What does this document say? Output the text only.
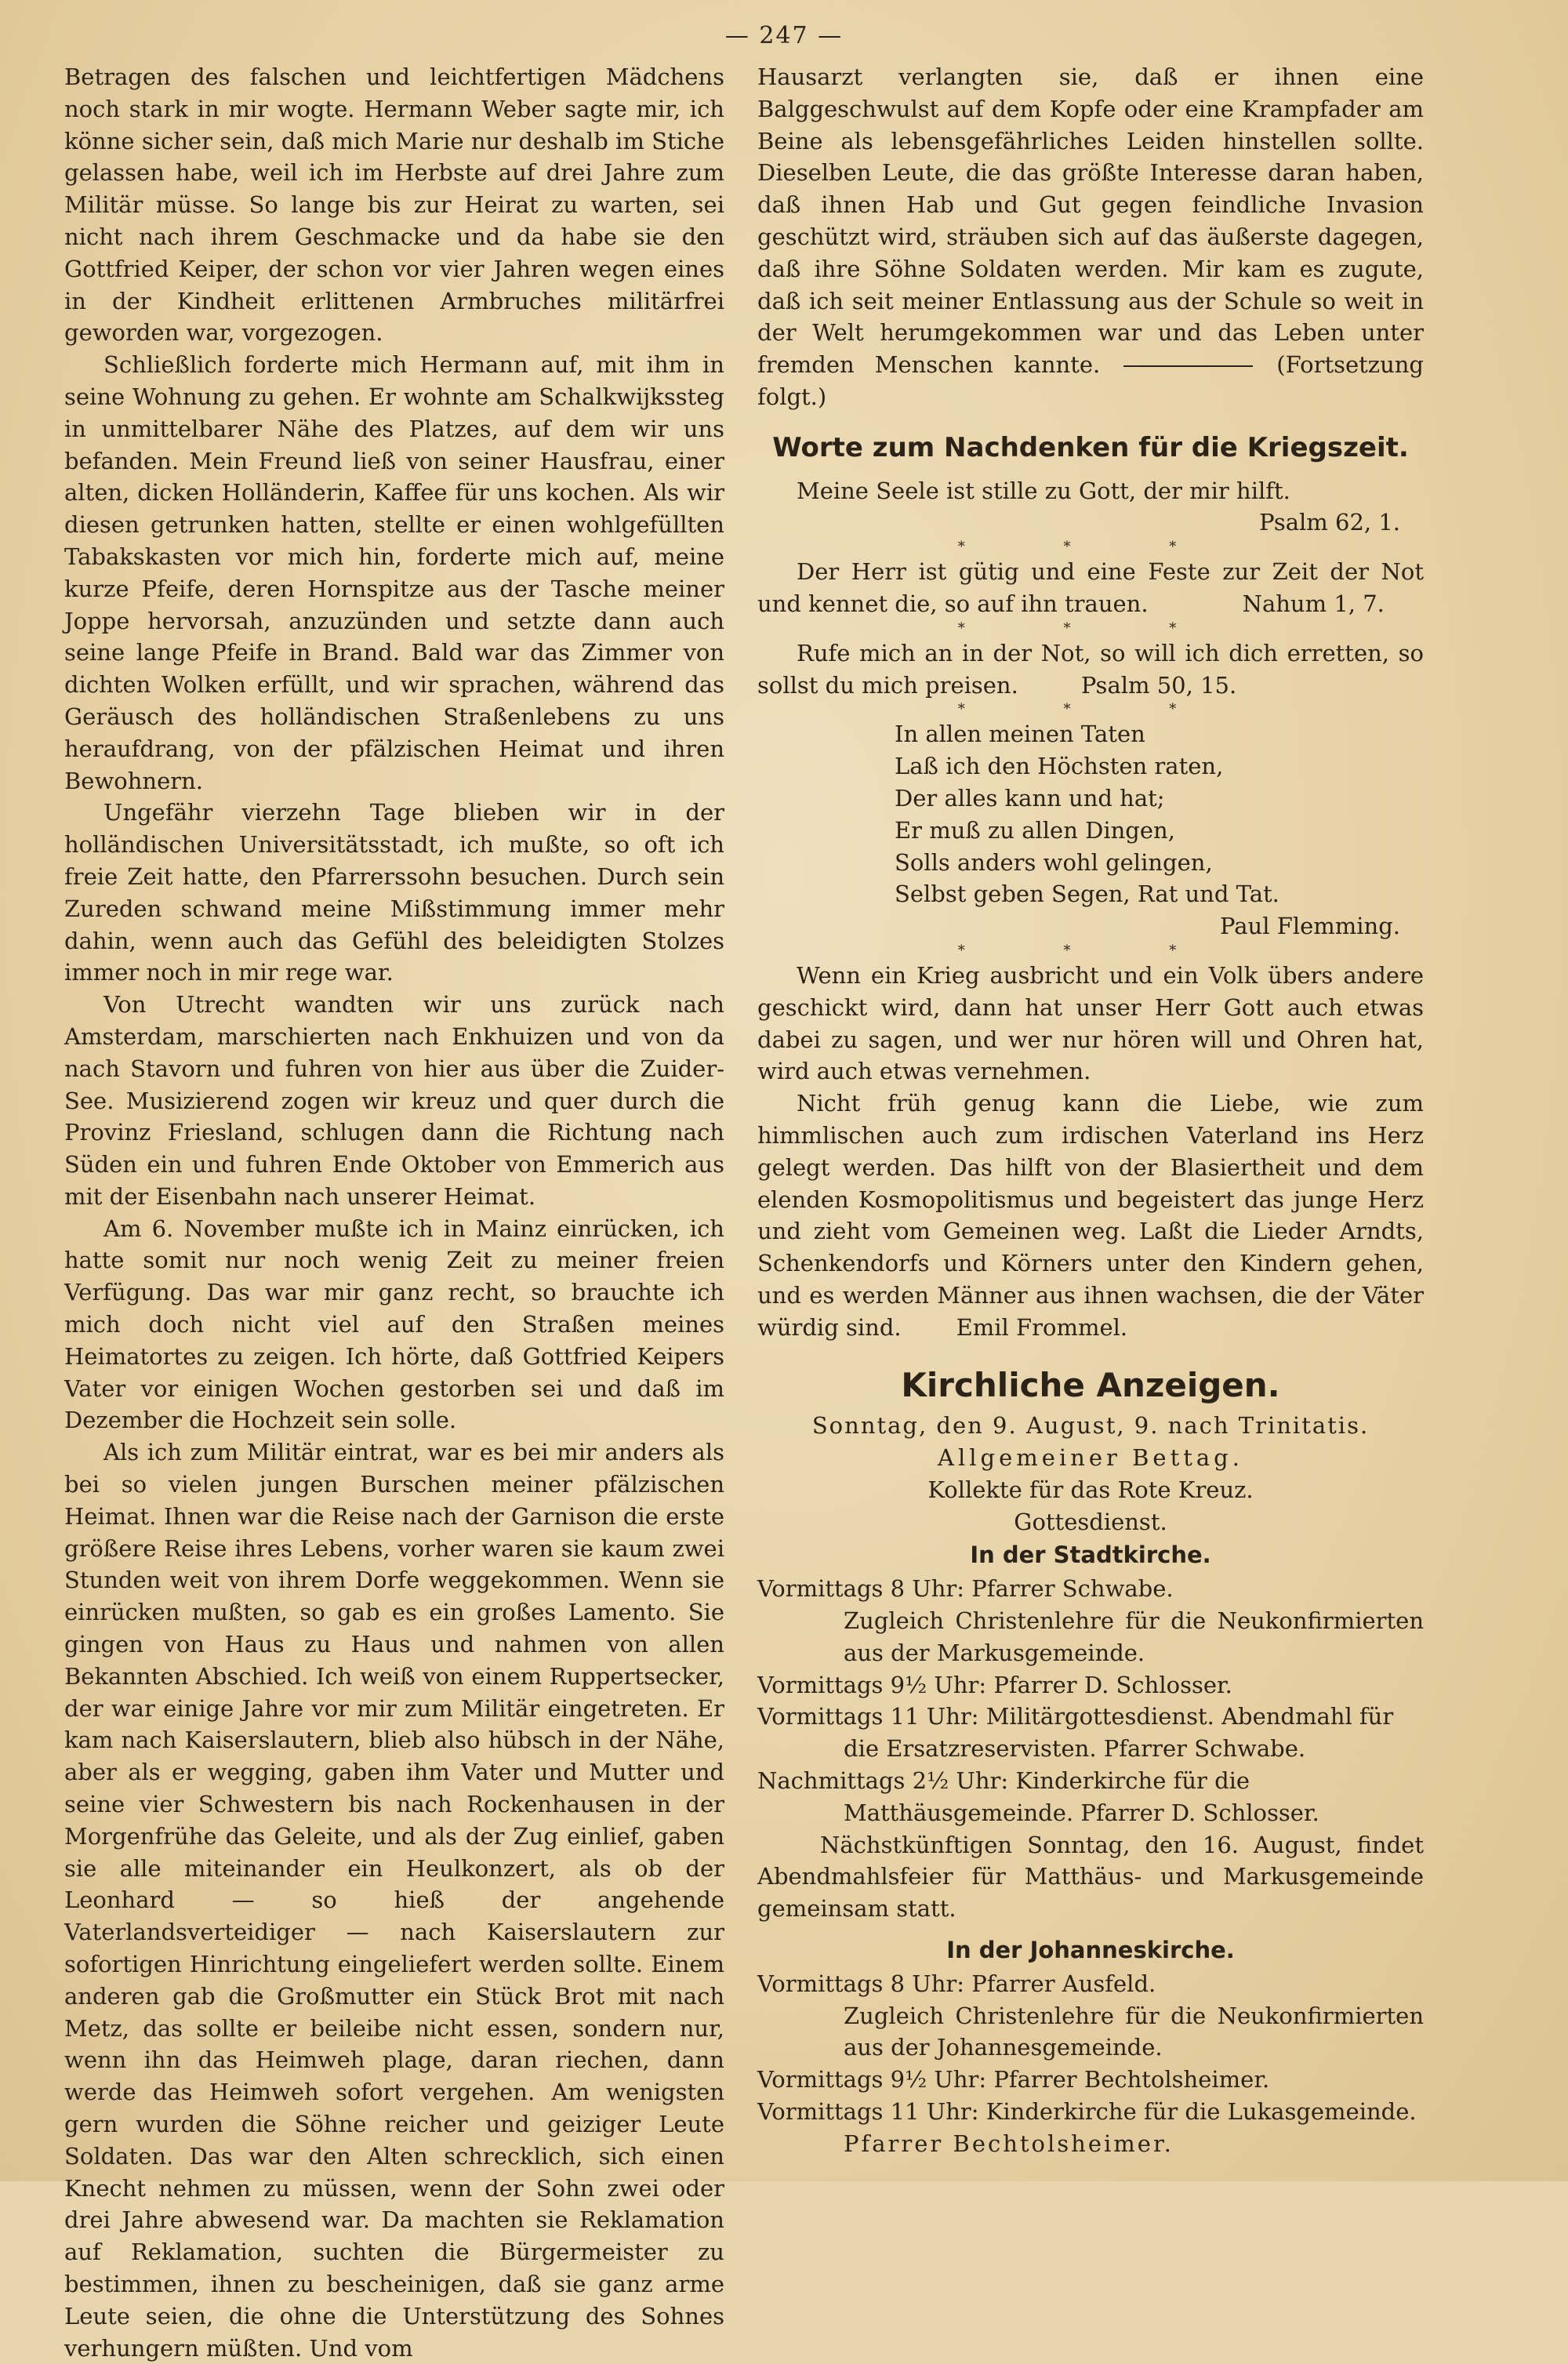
— 247 —

Betragen des falschen und leichtfertigen Mädchens noch stark in mir wogte. Hermann Weber sagte mir, ich könne sicher sein, daß mich Marie nur deshalb im Stiche gelassen habe, weil ich im Herbste auf drei Jahre zum Militär müsse. So lange bis zur Heirat zu warten, sei nicht nach ihrem Geschmacke und da habe sie den Gottfried Keiper, der schon vor vier Jahren wegen eines in der Kindheit erlittenen Armbruches militärfrei geworden war, vorgezogen.

Schließlich forderte mich Hermann auf, mit ihm in seine Wohnung zu gehen. Er wohnte am Schalkwijkssteg in unmittelbarer Nähe des Platzes, auf dem wir uns befanden. Mein Freund ließ von seiner Hausfrau, einer alten, dicken Holländerin, Kaffee für uns kochen. Als wir diesen getrunken hatten, stellte er einen wohlgefüllten Tabakskasten vor mich hin, forderte mich auf, meine kurze Pfeife, deren Hornspitze aus der Tasche meiner Joppe hervorsah, anzuzünden und setzte dann auch seine lange Pfeife in Brand. Bald war das Zimmer von dichten Wolken erfüllt, und wir sprachen, während das Geräusch des holländischen Straßenlebens zu uns heraufdrang, von der pfälzischen Heimat und ihren Bewohnern.

Ungefähr vierzehn Tage blieben wir in der holländischen Universitätsstadt, ich mußte, so oft ich freie Zeit hatte, den Pfarrerssohn besuchen. Durch sein Zureden schwand meine Mißstimmung immer mehr dahin, wenn auch das Gefühl des beleidigten Stolzes immer noch in mir rege war.

Von Utrecht wandten wir uns zurück nach Amsterdam, marschierten nach Enkhuizen und von da nach Stavorn und fuhren von hier aus über die Zuider-See. Musizierend zogen wir kreuz und quer durch die Provinz Friesland, schlugen dann die Richtung nach Süden ein und fuhren Ende Oktober von Emmerich aus mit der Eisenbahn nach unserer Heimat.

Am 6. November mußte ich in Mainz einrücken, ich hatte somit nur noch wenig Zeit zu meiner freien Verfügung. Das war mir ganz recht, so brauchte ich mich doch nicht viel auf den Straßen meines Heimatortes zu zeigen. Ich hörte, daß Gottfried Keipers Vater vor einigen Wochen gestorben sei und daß im Dezember die Hochzeit sein solle.

Als ich zum Militär eintrat, war es bei mir anders als bei so vielen jungen Burschen meiner pfälzischen Heimat. Ihnen war die Reise nach der Garnison die erste größere Reise ihres Lebens, vorher waren sie kaum zwei Stunden weit von ihrem Dorfe weggekommen. Wenn sie einrücken mußten, so gab es ein großes Lamento. Sie gingen von Haus zu Haus und nahmen von allen Bekannten Abschied. Ich weiß von einem Ruppertsecker, der war einige Jahre vor mir zum Militär eingetreten. Er kam nach Kaiserslautern, blieb also hübsch in der Nähe, aber als er wegging, gaben ihm Vater und Mutter und seine vier Schwestern bis nach Rockenhausen in der Morgenfrühe das Geleite, und als der Zug einlief, gaben sie alle miteinander ein Heulkonzert, als ob der Leonhard — so hieß der angehende Vaterlandsverteidiger — nach Kaiserslautern zur sofortigen Hinrichtung eingeliefert werden sollte. Einem anderen gab die Großmutter ein Stück Brot mit nach Metz, das sollte er beileibe nicht essen, sondern nur, wenn ihn das Heimweh plage, daran riechen, dann werde das Heimweh sofort vergehen. Am wenigsten gern wurden die Söhne reicher und geiziger Leute Soldaten. Das war den Alten schrecklich, sich einen Knecht nehmen zu müssen, wenn der Sohn zwei oder drei Jahre abwesend war. Da machten sie Reklamation auf Reklamation, suchten die Bürgermeister zu bestimmen, ihnen zu bescheinigen, daß sie ganz arme Leute seien, die ohne die Unterstützung des Sohnes verhungern müßten. Und vom

Hausarzt verlangten sie, daß er ihnen eine Balggeschwulst auf dem Kopfe oder eine Krampfader am Beine als lebensgefährliches Leiden hinstellen sollte. Dieselben Leute, die das größte Interesse daran haben, daß ihnen Hab und Gut gegen feindliche Invasion geschützt wird, sträuben sich auf das äußerste dagegen, daß ihre Söhne Soldaten werden. Mir kam es zugute, daß ich seit meiner Entlassung aus der Schule so weit in der Welt herumgekommen war und das Leben unter fremden Menschen kannte.	(Fortsetzung folgt.)

Worte zum Nachdenken für die Kriegszeit.

Meine Seele ist stille zu Gott, der mir hilft.

Psalm 62, 1.

* * *

Der Herr ist gütig und eine Feste zur Zeit der Not und kennet die, so auf ihn trauen.	Nahum 1, 7.

* * *

Rufe mich an in der Not, so will ich dich erretten, so sollst du mich preisen.	Psalm 50, 15.

* * *
In allen meinen Taten
Laß ich den Höchsten raten,
Der alles kann und hat;
Er muß zu allen Dingen,
Solls anders wohl gelingen,
Selbst geben Segen, Rat und Tat.

Paul Flemming.

* * *

Wenn ein Krieg ausbricht und ein Volk übers andere geschickt wird, dann hat unser Herr Gott auch etwas dabei zu sagen, und wer nur hören will und Ohren hat, wird auch etwas vernehmen.

Nicht früh genug kann die Liebe, wie zum himmlischen auch zum irdischen Vaterland ins Herz gelegt werden. Das hilft von der Blasiertheit und dem elenden Kosmopolitismus und begeistert das junge Herz und zieht vom Gemeinen weg. Laßt die Lieder Arndts, Schenkendorfs und Körners unter den Kindern gehen, und es werden Männer aus ihnen wachsen, die der Väter würdig sind. Emil Frommel.

Kirchliche Anzeigen.
Sonntag, den 9. August, 9. nach Trinitatis.
Allgemeiner Bettag.
Kollekte für das Rote Kreuz.
Gottesdienst.
In der Stadtkirche.

Vormittags 8 Uhr: Pfarrer Schwabe.

Zugleich Christenlehre für die Neukonfirmierten aus der Markusgemeinde.

Vormittags 9½ Uhr: Pfarrer D. Schlosser.

Vormittags 11 Uhr: Militärgottesdienst. Abendmahl für die Ersatzreservisten. Pfarrer Schwabe.

Nachmittags 2½ Uhr: Kinderkirche für die Matthäusgemeinde. Pfarrer D. Schlosser.

Nächstkünftigen Sonntag, den 16. August, findet Abendmahlsfeier für Matthäus- und Markusgemeinde gemeinsam statt.

In der Johanneskirche.

Vormittags 8 Uhr: Pfarrer Ausfeld.

Zugleich Christenlehre für die Neukonfirmierten aus der Johannesgemeinde.

Vormittags 9½ Uhr: Pfarrer Bechtolsheimer.

Vormittags 11 Uhr: Kinderkirche für die Lukasgemeinde.

Pfarrer Bechtolsheimer.
